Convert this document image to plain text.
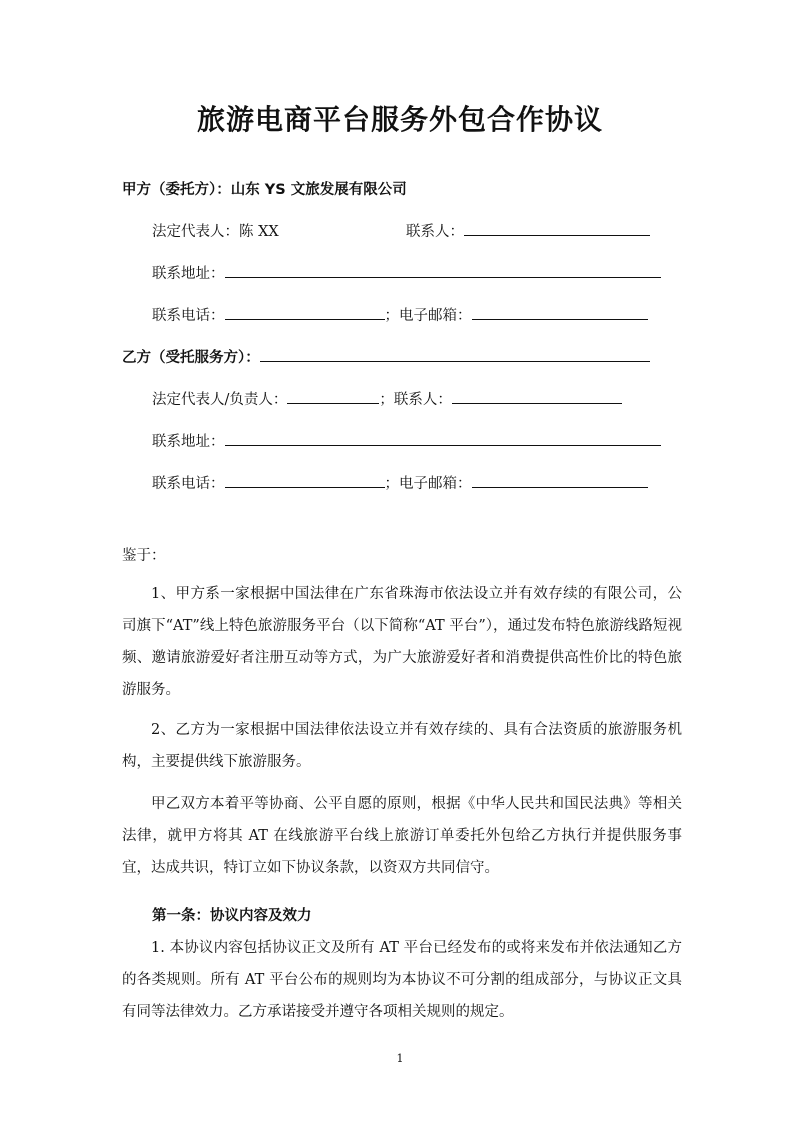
旅游电商平台服务外包合作协议
甲方（委托方）：山东 YS 文旅发展有限公司
法定代表人：陈 XX	联系人：
联系地址：
联系电话：	；电子邮箱：
乙方（受托服务方）：
法定代表人/负责人：	；联系人：
联系地址：
联系电话：	；电子邮箱：
鉴于：
1、甲方系一家根据中国法律在广东省珠海市依法设立并有效存续的有限公司，公司旗下“AT”线上特色旅游服务平台（以下简称“AT 平台”），通过发布特色旅游线路短视频、邀请旅游爱好者注册互动等方式，为广大旅游爱好者和消费提供高性价比的特色旅游服务。
2、乙方为一家根据中国法律依法设立并有效存续的、具有合法资质的旅游服务机构，主要提供线下旅游服务。
甲乙双方本着平等协商、公平自愿的原则，根据《中华人民共和国民法典》等相关法律，就甲方将其 AT 在线旅游平台线上旅游订单委托外包给乙方执行并提供服务事宜，达成共识，特订立如下协议条款，以资双方共同信守。
第一条：协议内容及效力
1. 本协议内容包括协议正文及所有 AT 平台已经发布的或将来发布并依法通知乙方的各类规则。所有 AT 平台公布的规则均为本协议不可分割的组成部分，与协议正文具有同等法律效力。乙方承诺接受并遵守各项相关规则的规定。
1
